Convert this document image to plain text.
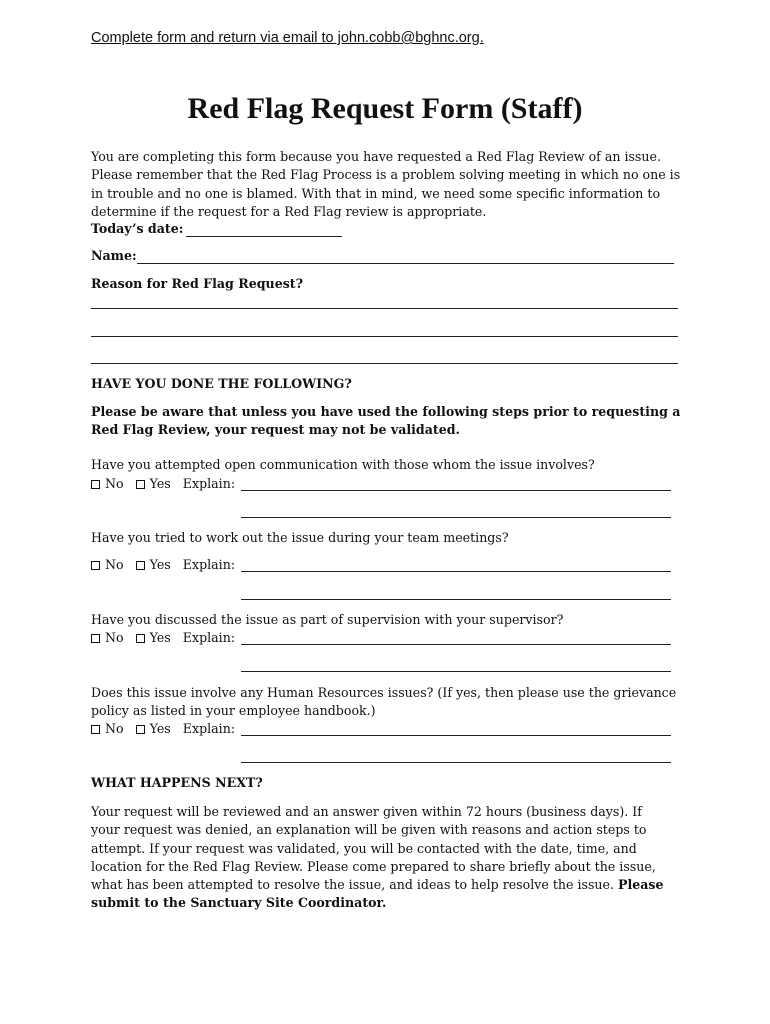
Complete form and return via email to john.cobb@bghnc.org.
Red Flag Request Form (Staff)
You are completing this form because you have requested a Red Flag Review of an issue.
Please remember that the Red Flag Process is a problem solving meeting in which no one is
in trouble and no one is blamed. With that in mind, we need some specific information to
determine if the request for a Red Flag review is appropriate.
Today’s date:
Name:
Reason for Red Flag Request?
HAVE YOU DONE THE FOLLOWING?
Please be aware that unless you have used the following steps prior to requesting a
Red Flag Review, your request may not be validated.
Have you attempted open communication with those whom the issue involves?
No Yes Explain:
Have you tried to work out the issue during your team meetings?
No Yes Explain:
Have you discussed the issue as part of supervision with your supervisor?
No Yes Explain:
Does this issue involve any Human Resources issues? (If yes, then please use the grievance
policy as listed in your employee handbook.)
No Yes Explain:
WHAT HAPPENS NEXT?
Your request will be reviewed and an answer given within 72 hours (business days). If
your request was denied, an explanation will be given with reasons and action steps to
attempt. If your request was validated, you will be contacted with the date, time, and
location for the Red Flag Review. Please come prepared to share briefly about the issue,
what has been attempted to resolve the issue, and ideas to help resolve the issue. Please
submit to the Sanctuary Site Coordinator.
